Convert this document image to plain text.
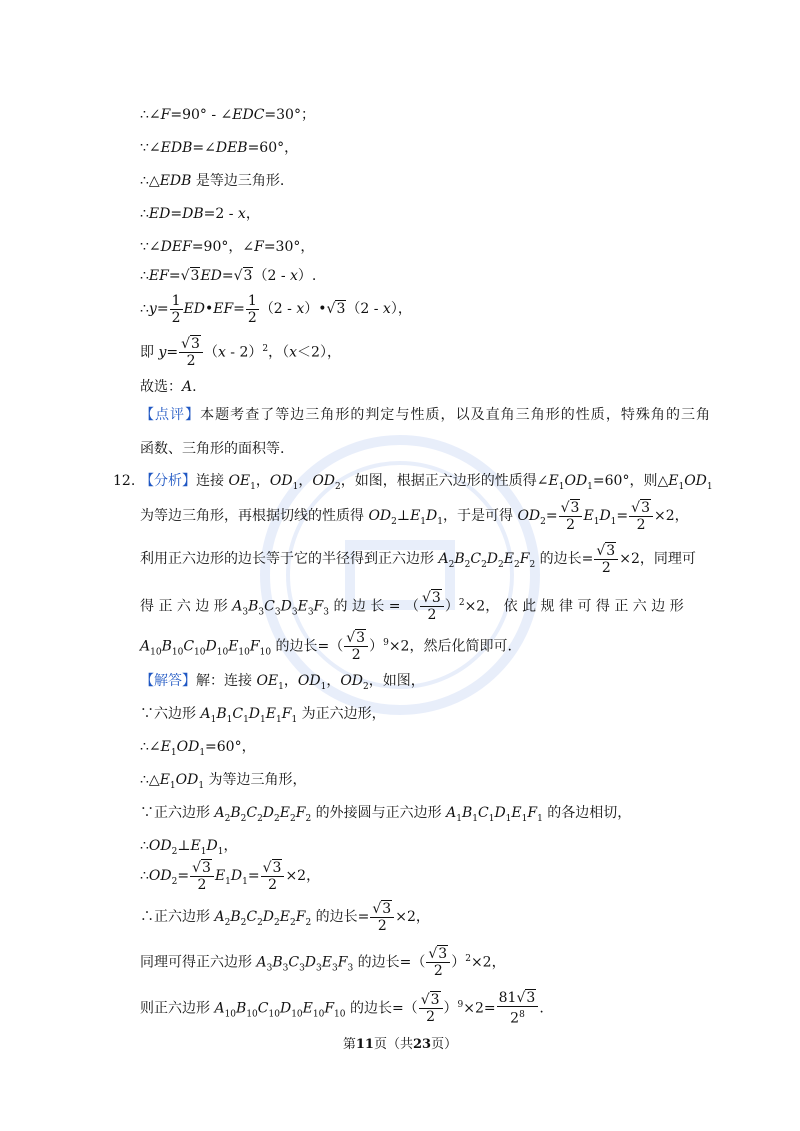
∴∠F=90° - ∠EDC=30°；
∵∠EDB=∠DEB=60°，
∴△EDB 是等边三角形.
∴ED=DB=2 - x，
∵∠DEF=90°，∠F=30°，
∴EF=√3ED=√3（2 - x）.
∴y= $\frac{1}{2}$ ED•EF= $\frac{1}{2} (2$ - x）•√3（2 - x），
即 $y= \frac{√3}{2} (x - 2)^2$，（x＜2），
故选：A.
【点评】本题考查了等边三角形的判定与性质，以及直角三角形的性质，特殊角的三角
函数、三角形的面积等.
12. 【分析】连接 $OE_1$，$OD_1$，$OD_2$，如图，根据正六边形的性质得$\angle E_1OD_1=60^\circ$，则$\triangle E_1OD_1$
为等边三角形，再根据切线的性质得 $OD_2\perp E_1D_1$，于是可得 $OD_2= \frac{√3}{2} E_1D_1= \frac{√3}{2} \times 2$，
利用正六边形的边长等于它的半径得到正六边形 $A_2B_2C_2D_2E_2F_2$ 的边长= $\frac{√3}{2} \times 2$，同理可
得 正 六 边 形 $A_3B_3C_3D_3E_3F_3$ 的 边 长 = （ $\frac{√3}{2} )^2\times 2$， 依 此 规 律 可 得 正 六 边 形
$A_{10}B_{10}C_{10}D_{10}E_{10}F_{10}$ 的边长=（ $\frac{√3}{2} )^9\times 2$，然后化简即可.
【解答】解：连接 $OE_1$，$OD_1$，$OD_2$，如图，
∵六边形 $A_1B_1C_1D_1E_1F_1$ 为正六边形，
$\therefore\angle E_1OD_1=60^\circ$，
$\therefore\triangle E_1OD_1$ 为等边三角形，
∵正六边形 $A_2B_2C_2D_2E_2F_2$ 的外接圆与正六边形 $A_1B_1C_1D_1E_1F_1$ 的各边相切，
$\therefore OD_2\perp E_1D_1$，
$\therefore OD_2= \frac{√3}{2} E_1D_1= \frac{√3}{2} \times 2$，
∴正六边形 $A_2B_2C_2D_2E_2F_2$ 的边长= $\frac{√3}{2} \times 2$，
同理可得正六边形 $A_3B_3C_3D_3E_3F_3$ 的边长=（ $\frac{√3}{2} )^2\times 2$，
则正六边形 $A_{10}B_{10}C_{10}D_{10}E_{10}F_{10}$ 的边长=（ $\frac{√3}{2} )^9\times 2= \frac{81√3}{2^8}$ .
第11页（共23页）
